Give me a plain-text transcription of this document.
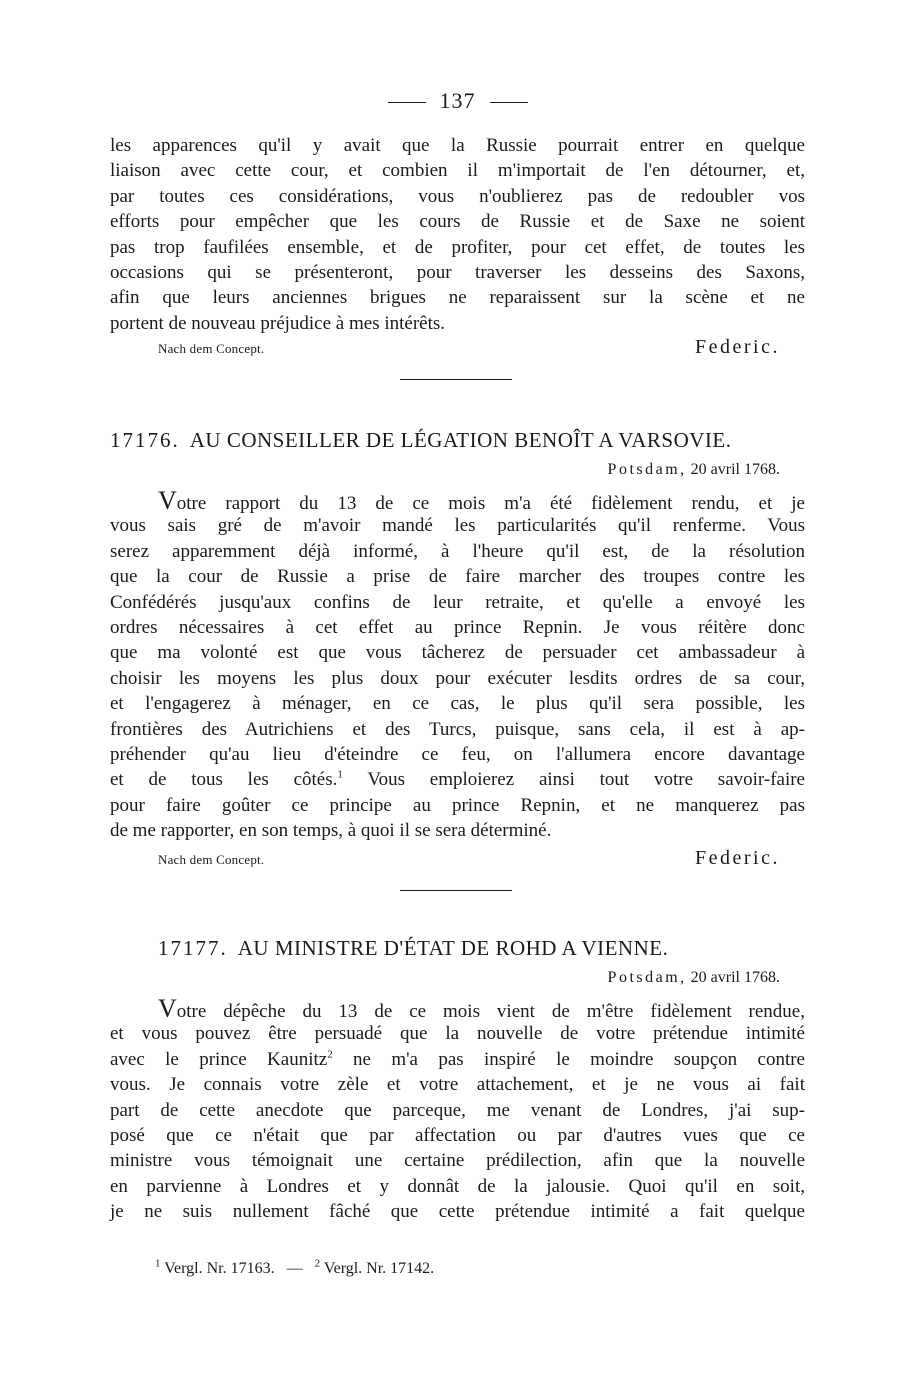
137
les apparences qu'il y avait que la Russie pourrait entrer en quelque
liaison avec cette cour, et combien il m'importait de l'en détourner, et,
par toutes ces considérations, vous n'oublierez pas de redoubler vos
efforts pour empêcher que les cours de Russie et de Saxe ne soient
pas trop faufilées ensemble, et de profiter, pour cet effet, de toutes les
occasions qui se présenteront, pour traverser les desseins des Saxons,
afin que leurs anciennes brigues ne reparaissent sur la scène et ne
portent de nouveau préjudice à mes intérêts.
Nach dem Concept.	Federic.
17176. AU CONSEILLER DE LÉGATION BENOÎT A VARSOVIE.
Potsdam, 20 avril 1768.
Votre rapport du 13 de ce mois m'a été fidèlement rendu, et je
vous sais gré de m'avoir mandé les particularités qu'il renferme. Vous
serez apparemment déjà informé, à l'heure qu'il est, de la résolution
que la cour de Russie a prise de faire marcher des troupes contre les
Confédérés jusqu'aux confins de leur retraite, et qu'elle a envoyé les
ordres nécessaires à cet effet au prince Repnin. Je vous réitère donc
que ma volonté est que vous tâcherez de persuader cet ambassadeur à
choisir les moyens les plus doux pour exécuter lesdits ordres de sa cour,
et l'engagerez à ménager, en ce cas, le plus qu'il sera possible, les
frontières des Autrichiens et des Turcs, puisque, sans cela, il est à ap-
préhender qu'au lieu d'éteindre ce feu, on l'allumera encore davantage
et de tous les côtés.$^1$ Vous emploierez ainsi tout votre savoir-faire
pour faire goûter ce principe au prince Repnin, et ne manquerez pas
de me rapporter, en son temps, à quoi il se sera déterminé.
Nach dem Concept.	Federic.
17177. AU MINISTRE D'ÉTAT DE ROHD A VIENNE.
Potsdam, 20 avril 1768.
Votre dépêche du 13 de ce mois vient de m'être fidèlement rendue,
et vous pouvez être persuadé que la nouvelle de votre prétendue intimité
avec le prince Kaunitz$^2$ ne m'a pas inspiré le moindre soupçon contre
vous. Je connais votre zèle et votre attachement, et je ne vous ai fait
part de cette anecdote que parceque, me venant de Londres, j'ai sup-
posé que ce n'était que par affectation ou par d'autres vues que ce
ministre vous témoignait une certaine prédilection, afin que la nouvelle
en parvienne à Londres et y donnât de la jalousie. Quoi qu'il en soit,
je ne suis nullement fâché que cette prétendue intimité a fait quelque
$^1$ Vergl. Nr. 17163. — $^2$ Vergl. Nr. 17142.
